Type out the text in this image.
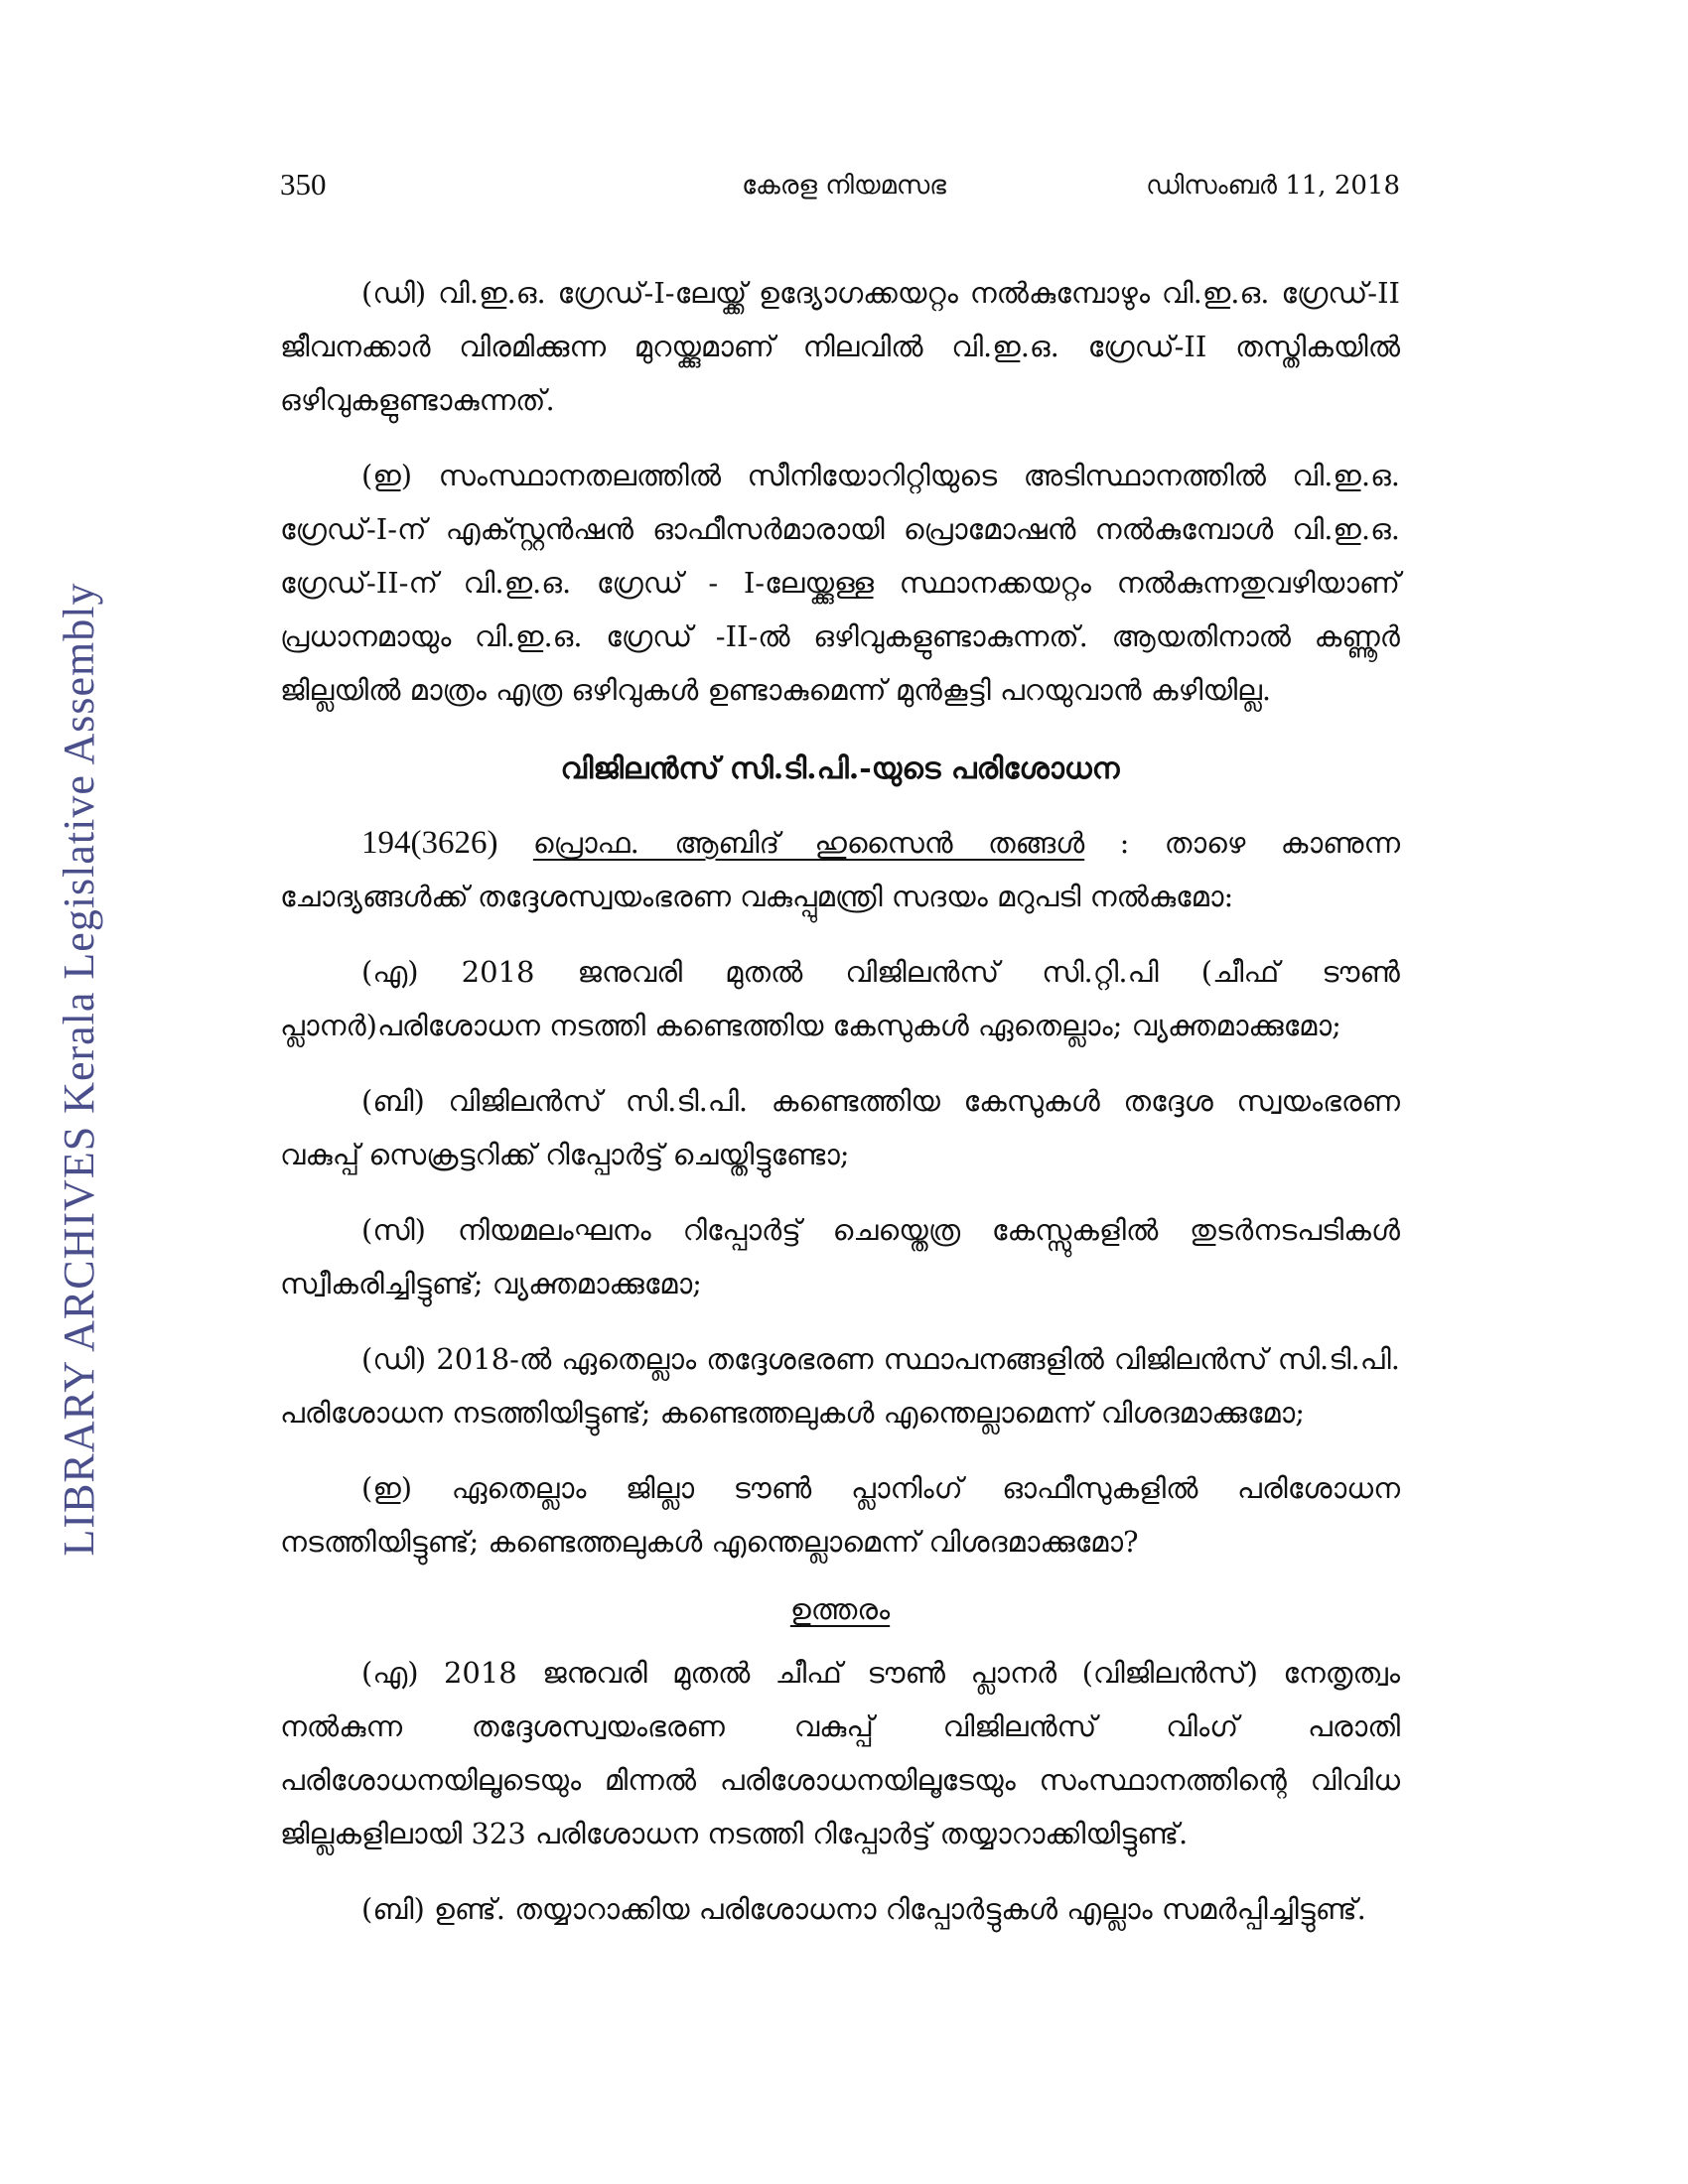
LIBRARY ARCHIVES Kerala Legislative Assembly
350	കേരള നിയമസഭ	ഡിസംബർ 11, 2018

(ഡി) വി.ഇ.ഒ. ഗ്രേഡ്-I-ലേയ്ക്ക് ഉദ്യോഗക്കയറ്റം നൽകുമ്പോഴും വി.ഇ.ഒ. ഗ്രേഡ്-II ജീവനക്കാർ വിരമിക്കുന്ന മുറയ്ക്കുമാണ് നിലവിൽ വി.ഇ.ഒ. ഗ്രേഡ്-II തസ്തികയിൽ ഒഴിവുകളുണ്ടാകുന്നത്.

(ഇ) സംസ്ഥാനതലത്തിൽ സീനിയോറിറ്റിയുടെ അടിസ്ഥാനത്തിൽ വി.ഇ.ഒ. ഗ്രേഡ്-I-ന് എക്സ്റ്റൻഷൻ ഓഫീസർമാരായി പ്രൊമോഷൻ നൽകുമ്പോൾ വി.ഇ.ഒ. ഗ്രേഡ്-II-ന് വി.ഇ.ഒ. ഗ്രേഡ് - I-ലേയ്ക്കുള്ള സ്ഥാനക്കയറ്റം നൽകുന്നതുവഴിയാണ് പ്രധാനമായും വി.ഇ.ഒ. ഗ്രേഡ് -II-ൽ ഒഴിവുകളുണ്ടാകുന്നത്. ആയതിനാൽ കണ്ണൂർ ജില്ലയിൽ മാത്രം എത്ര ഒഴിവുകൾ ഉണ്ടാകുമെന്ന് മുൻകൂട്ടി പറയുവാൻ കഴിയില്ല.

വിജിലൻസ് സി.ടി.പി.-യുടെ പരിശോധന

194(3626) പ്രൊഫ. ആബിദ് ഹുസൈൻ തങ്ങൾ : താഴെ കാണുന്ന ചോദ്യങ്ങൾക്ക് തദ്ദേശസ്വയംഭരണ വകുപ്പുമന്ത്രി സദയം മറുപടി നൽകുമോ:

(എ) 2018 ജനുവരി മുതൽ വിജിലൻസ് സി.റ്റി.പി (ചീഫ് ടൗൺ പ്ലാനർ)പരിശോധന നടത്തി കണ്ടെത്തിയ കേസുകൾ ഏതെല്ലാം; വ്യക്തമാക്കുമോ;

(ബി) വിജിലൻസ് സി.ടി.പി. കണ്ടെത്തിയ കേസുകൾ തദ്ദേശ സ്വയംഭരണ വകുപ്പ് സെക്രട്ടറിക്ക് റിപ്പോർട്ട് ചെയ്തിട്ടുണ്ടോ;

(സി) നിയമലംഘനം റിപ്പോർട്ട് ചെയ്തെത്ര കേസ്സുകളിൽ തുടർനടപടികൾ സ്വീകരിച്ചിട്ടുണ്ട്; വ്യക്തമാക്കുമോ;

(ഡി) 2018-ൽ ഏതെല്ലാം തദ്ദേശഭരണ സ്ഥാപനങ്ങളിൽ വിജിലൻസ് സി.ടി.പി. പരിശോധന നടത്തിയിട്ടുണ്ട്; കണ്ടെത്തലുകൾ എന്തെല്ലാമെന്ന് വിശദമാക്കുമോ;

(ഇ) ഏതെല്ലാം ജില്ലാ ടൗൺ പ്ലാനിംഗ് ഓഫീസുകളിൽ പരിശോധന നടത്തിയിട്ടുണ്ട്; കണ്ടെത്തലുകൾ എന്തെല്ലാമെന്ന് വിശദമാക്കുമോ?

ഉത്തരം

(എ) 2018 ജനുവരി മുതൽ ചീഫ് ടൗൺ പ്ലാനർ (വിജിലൻസ്) നേതൃത്വം നൽകുന്ന തദ്ദേശസ്വയംഭരണ വകുപ്പ് വിജിലൻസ് വിംഗ് പരാതി പരിശോധനയിലൂടെയും മിന്നൽ പരിശോധനയിലൂടേയും സംസ്ഥാനത്തിന്റെ വിവിധ ജില്ലകളിലായി 323 പരിശോധന നടത്തി റിപ്പോർട്ട് തയ്യാറാക്കിയിട്ടുണ്ട്.

(ബി) ഉണ്ട്. തയ്യാറാക്കിയ പരിശോധനാ റിപ്പോർട്ടുകൾ എല്ലാം സമർപ്പിച്ചിട്ടുണ്ട്.
